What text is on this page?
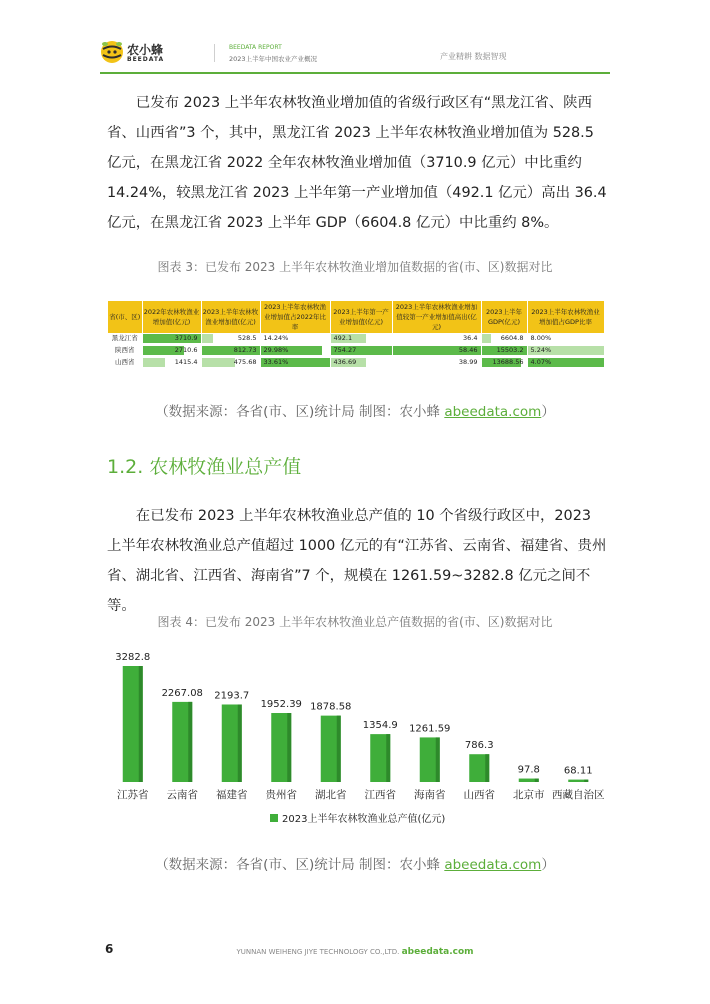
农小蜂
BEEDATA
BEEDATA REPORT
2023上半年中国农业产业概况	产业精耕 数据智现
已发布 2023 上半年农林牧渔业增加值的省级行政区有“黑龙江省、陕西省、山西省”3 个，其中，黑龙江省 2023 上半年农林牧渔业增加值为 528.5 亿元，在黑龙江省 2022 全年农林牧渔业增加值（3710.9 亿元）中比重约 14.24%，较黑龙江省 2023 上半年第一产业增加值（492.1 亿元）高出 36.4 亿元，在黑龙江省 2023 上半年 GDP（6604.8 亿元）中比重约 8%。
图表 3：已发布 2023 上半年农林牧渔业增加值数据的省(市、区)数据对比
省(市、区)	2022年农林牧渔业增加值(亿元)	2023上半年农林牧渔业增加值(亿元)	2023上半年农林牧渔业增加值占2022年比率	2023上半年第一产业增加值(亿元)	2023上半年农林牧渔业增加值较第一产业增加值高出(亿元)	2023上半年GDP(亿元)	2023上半年农林牧渔业增加值占GDP比率
黑龙江省	3710.9	528.5	14.24%	492.1	36.4	6604.8	8.00%

陕西省	2710.6	812.73	29.98%	754.27	58.46	15503.2	5.24%

山西省	1415.4	475.68	33.61%	436.69	38.99	13688.56	4.07%
（数据来源：各省(市、区)统计局 制图：农小蜂 abeedata.com）
1.2. 农林牧渔业总产值
在已发布 2023 上半年农林牧渔业总产值的 10 个省级行政区中，2023 上半年农林牧渔业总产值超过 1000 亿元的有“江苏省、云南省、福建省、贵州省、湖北省、江西省、海南省”7 个，规模在 1261.59~3282.8 亿元之间不等。
图表 4：已发布 2023 上半年农林牧渔业总产值数据的省(市、区)数据对比
3282.8
江苏省
2267.08
云南省
2193.7
福建省
1952.39
贵州省
1878.58
湖北省
1354.9
江西省
1261.59
海南省
786.3
山西省
97.8
北京市
68.11
西藏自治区
2023上半年农林牧渔业总产值(亿元)
（数据来源：各省(市、区)统计局 制图：农小蜂 abeedata.com）
6	YUNNAN WEIHENG JIYE TECHNOLOGY CO.,LTD. abeedata.com
